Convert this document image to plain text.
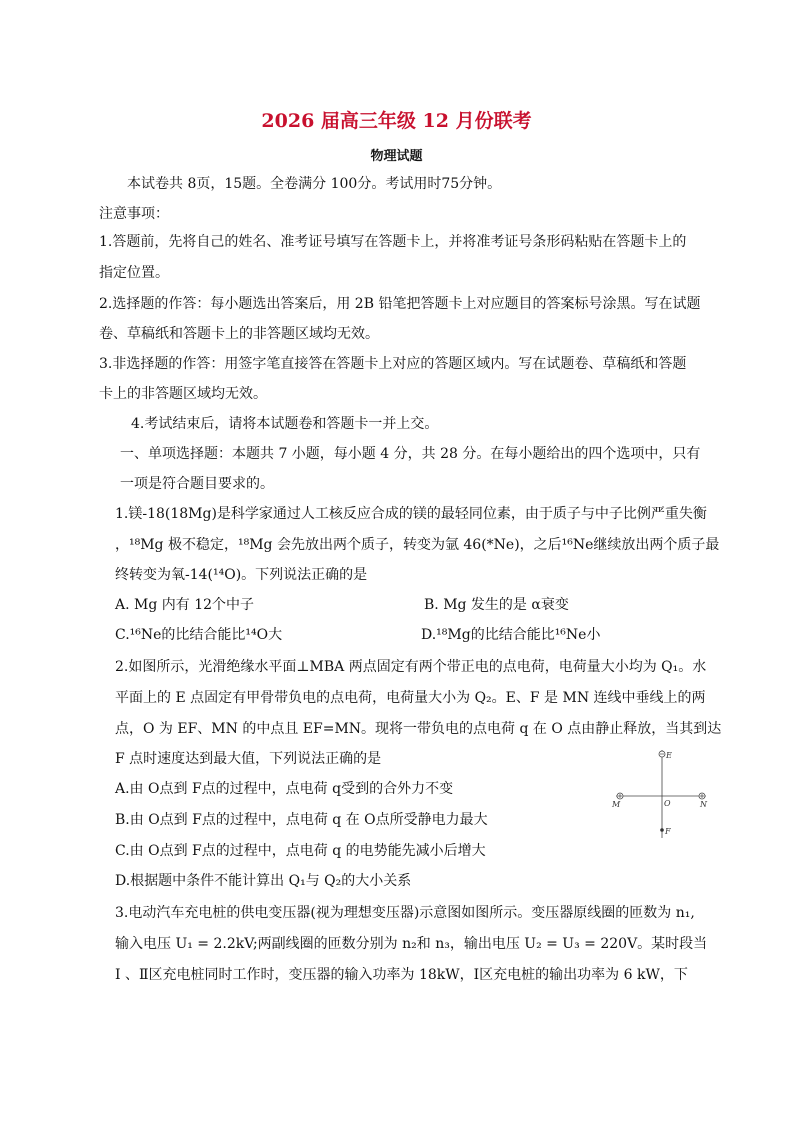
2026 届高三年级 12 月份联考
物理试题
本试卷共 8页，15题。全卷满分 100分。考试用时75分钟。
注意事项：
1.答题前，先将自己的姓名、准考证号填写在答题卡上，并将准考证号条形码粘贴在答题卡上的
指定位置。
2.选择题的作答：每小题选出答案后，用 2B 铅笔把答题卡上对应题目的答案标号涂黑。写在试题
卷、草稿纸和答题卡上的非答题区域均无效。
3.非选择题的作答：用签字笔直接答在答题卡上对应的答题区域内。写在试题卷、草稿纸和答题
卡上的非答题区域均无效。
4.考试结束后，请将本试题卷和答题卡一并上交。
一、单项选择题：本题共 7 小题，每小题 4 分，共 28 分。在每小题给出的四个选项中，只有
一项是符合题目要求的。
1.镁-18(18Mg)是科学家通过人工核反应合成的镁的最轻同位素，由于质子与中子比例严重失衡
，¹⁸Mg 极不稳定，¹⁸Mg 会先放出两个质子，转变为氩 46(*Ne)，之后¹⁶Ne继续放出两个质子最
终转变为氧-14(¹⁴O)。下列说法正确的是
A. Mg 内有 12个中子	B. Mg 发生的是 α衰变
C.¹⁶Ne的比结合能比¹⁴O大	D.¹⁸Mg的比结合能比¹⁶Ne小
2.如图所示，光滑绝缘水平面⊥MBA 两点固定有两个带正电的点电荷，电荷量大小均为 Q₁。水
平面上的 E 点固定有甲骨带负电的点电荷，电荷量大小为 Q₂。E、F 是 MN 连线中垂线上的两
点，O 为 EF、MN 的中点且 EF=MN。现将一带负电的点电荷 q 在 O 点由静止释放，当其到达
F 点时速度达到最大值，下列说法正确的是
A.由 O点到 F点的过程中，点电荷 q受到的合外力不变
B.由 O点到 F点的过程中，点电荷 q 在 O点所受静电力最大
C.由 O点到 F点的过程中，点电荷 q 的电势能先减小后增大
D.根据题中条件不能计算出 Q₁与 Q₂的大小关系
E
M	O	N
F
3.电动汽车充电桩的供电变压器(视为理想变压器)示意图如图所示。变压器原线圈的匝数为 n₁,
输入电压 U₁ = 2.2kV;两副线圈的匝数分别为 n₂和 n₃，输出电压 U₂ = U₃ = 220V。某时段当
Ⅰ 、Ⅱ区充电桩同时工作时，变压器的输入功率为 18kW，Ⅰ区充电桩的输出功率为 6 kW，下
